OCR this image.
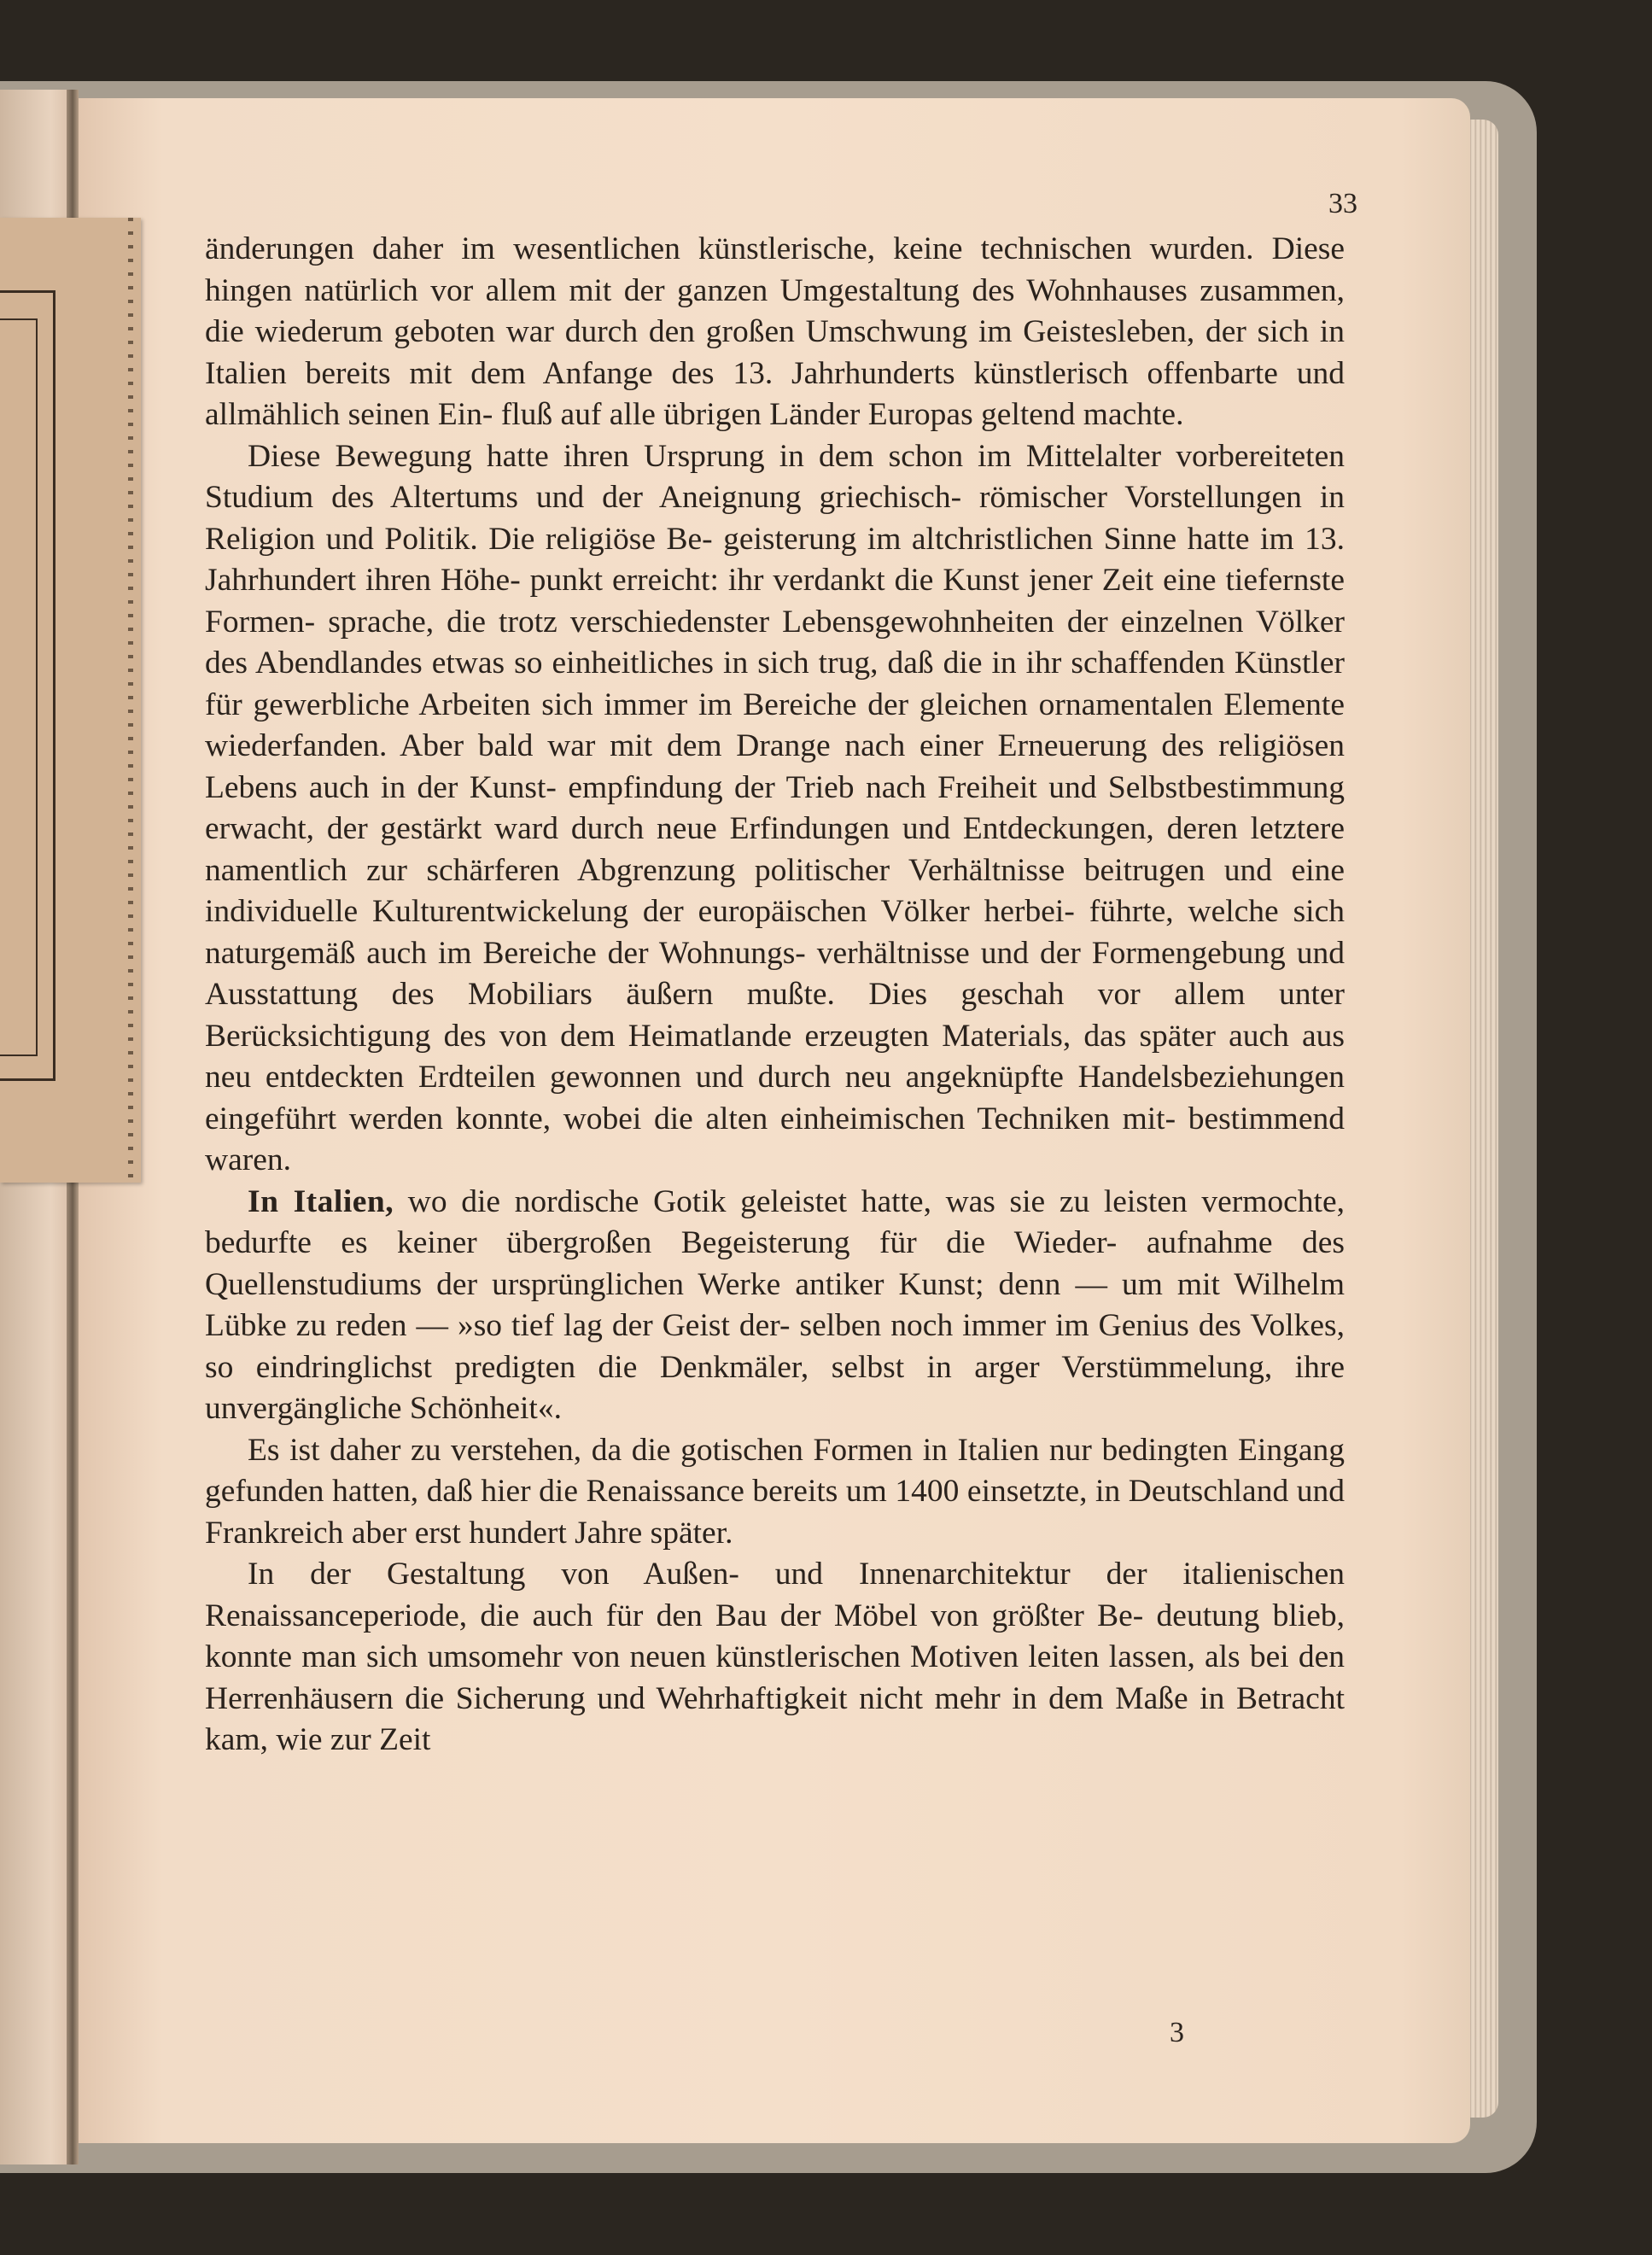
33

änderungen daher im wesentlichen künstlerische, keine technischen wurden. Diese hingen natürlich vor allem mit der ganzen Umgestaltung des Wohnhauses zusammen, die wiederum geboten war durch den großen Umschwung im Geistesleben, der sich in Italien bereits mit dem Anfange des 13. Jahrhunderts künstlerisch offenbarte und allmählich seinen Ein- fluß auf alle übrigen Länder Europas geltend machte.

Diese Bewegung hatte ihren Ursprung in dem schon im Mittelalter vorbereiteten Studium des Altertums und der Aneignung griechisch- römischer Vorstellungen in Religion und Politik. Die religiöse Be- geisterung im altchristlichen Sinne hatte im 13. Jahrhundert ihren Höhe- punkt erreicht: ihr verdankt die Kunst jener Zeit eine tiefernste Formen- sprache, die trotz verschiedenster Lebensgewohnheiten der einzelnen Völker des Abendlandes etwas so einheitliches in sich trug, daß die in ihr schaffenden Künstler für gewerbliche Arbeiten sich immer im Bereiche der gleichen ornamentalen Elemente wiederfanden. Aber bald war mit dem Drange nach einer Erneuerung des religiösen Lebens auch in der Kunst- empfindung der Trieb nach Freiheit und Selbstbestimmung erwacht, der gestärkt ward durch neue Erfindungen und Entdeckungen, deren letztere namentlich zur schärferen Abgrenzung politischer Verhältnisse beitrugen und eine individuelle Kulturentwickelung der europäischen Völker herbei- führte, welche sich naturgemäß auch im Bereiche der Wohnungs- verhältnisse und der Formengebung und Ausstattung des Mobiliars äußern mußte. Dies geschah vor allem unter Berücksichtigung des von dem Heimatlande erzeugten Materials, das später auch aus neu entdeckten Erdteilen gewonnen und durch neu angeknüpfte Handelsbeziehungen eingeführt werden konnte, wobei die alten einheimischen Techniken mit- bestimmend waren.

In Italien, wo die nordische Gotik geleistet hatte, was sie zu leisten vermochte, bedurfte es keiner übergroßen Begeisterung für die Wieder- aufnahme des Quellenstudiums der ursprünglichen Werke antiker Kunst; denn — um mit Wilhelm Lübke zu reden — »so tief lag der Geist der- selben noch immer im Genius des Volkes, so eindringlichst predigten die Denkmäler, selbst in arger Verstümmelung, ihre unvergängliche Schönheit«.

Es ist daher zu verstehen, da die gotischen Formen in Italien nur bedingten Eingang gefunden hatten, daß hier die Renaissance bereits um 1400 einsetzte, in Deutschland und Frankreich aber erst hundert Jahre später.

In der Gestaltung von Außen- und Innenarchitektur der italienischen Renaissanceperiode, die auch für den Bau der Möbel von größter Be- deutung blieb, konnte man sich umsomehr von neuen künstlerischen Motiven leiten lassen, als bei den Herrenhäusern die Sicherung und Wehrhaftigkeit nicht mehr in dem Maße in Betracht kam, wie zur Zeit

3
